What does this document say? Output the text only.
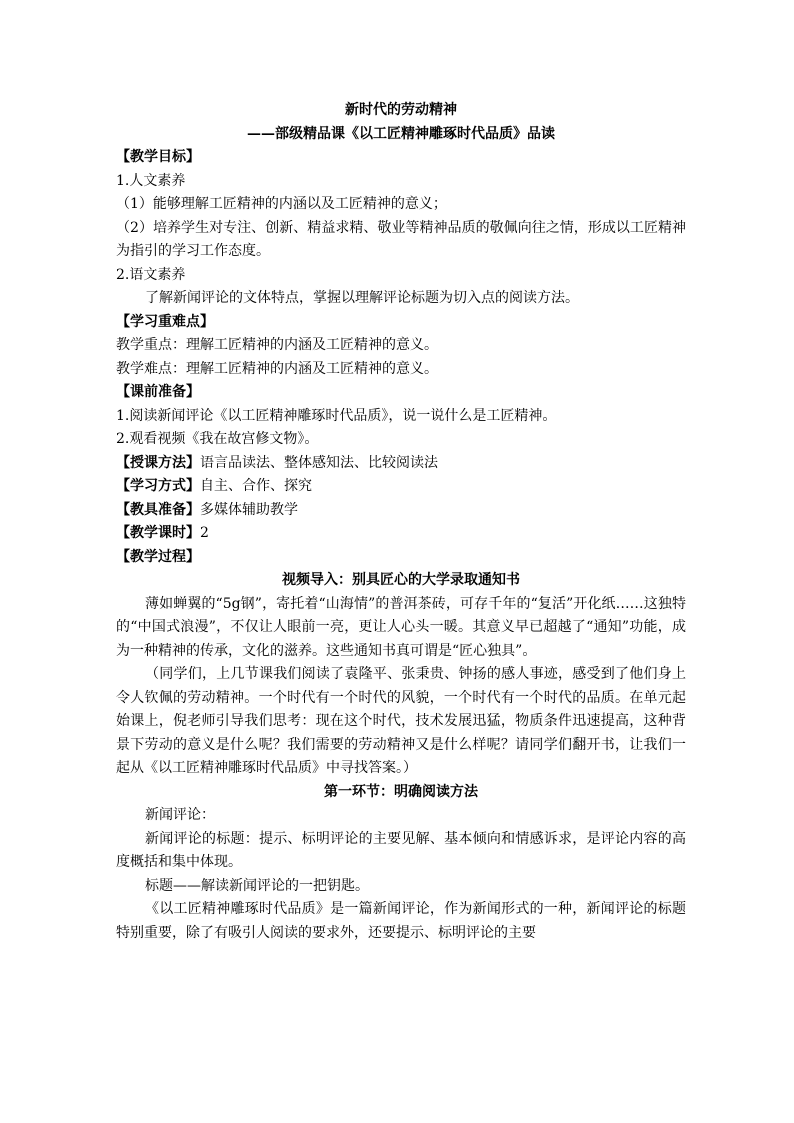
新时代的劳动精神
——部级精品课《以工匠精神雕琢时代品质》品读
【教学目标】
1.人文素养
（1）能够理解工匠精神的内涵以及工匠精神的意义；
（2）培养学生对专注、创新、精益求精、敬业等精神品质的敬佩向往之情，形成以工匠精神为指引的学习工作态度。
2.语文素养
了解新闻评论的文体特点，掌握以理解评论标题为切入点的阅读方法。
【学习重难点】
教学重点：理解工匠精神的内涵及工匠精神的意义。
教学难点：理解工匠精神的内涵及工匠精神的意义。
【课前准备】
1.阅读新闻评论《以工匠精神雕琢时代品质》，说一说什么是工匠精神。
2.观看视频《我在故宫修文物》。
【授课方法】语言品读法、整体感知法、比较阅读法
【学习方式】自主、合作、探究
【教具准备】多媒体辅助教学
【教学课时】2
【教学过程】
视频导入：别具匠心的大学录取通知书
薄如蝉翼的“5g钢”，寄托着“山海情”的普洱茶砖，可存千年的“复活”开化纸……这独特的“中国式浪漫”，不仅让人眼前一亮，更让人心头一暖。其意义早已超越了“通知”功能，成为一种精神的传承，文化的滋养。这些通知书真可谓是“匠心独具”。
（同学们，上几节课我们阅读了袁隆平、张秉贵、钟扬的感人事迹，感受到了他们身上令人钦佩的劳动精神。一个时代有一个时代的风貌，一个时代有一个时代的品质。在单元起始课上，倪老师引导我们思考：现在这个时代，技术发展迅猛，物质条件迅速提高，这种背景下劳动的意义是什么呢？我们需要的劳动精神又是什么样呢？请同学们翻开书，让我们一起从《以工匠精神雕琢时代品质》中寻找答案。）
第一环节：明确阅读方法
新闻评论：
新闻评论的标题：提示、标明评论的主要见解、基本倾向和情感诉求，是评论内容的高度概括和集中体现。
标题——解读新闻评论的一把钥匙。
《以工匠精神雕琢时代品质》是一篇新闻评论，作为新闻形式的一种，新闻评论的标题特别重要，除了有吸引人阅读的要求外，还要提示、标明评论的主要
